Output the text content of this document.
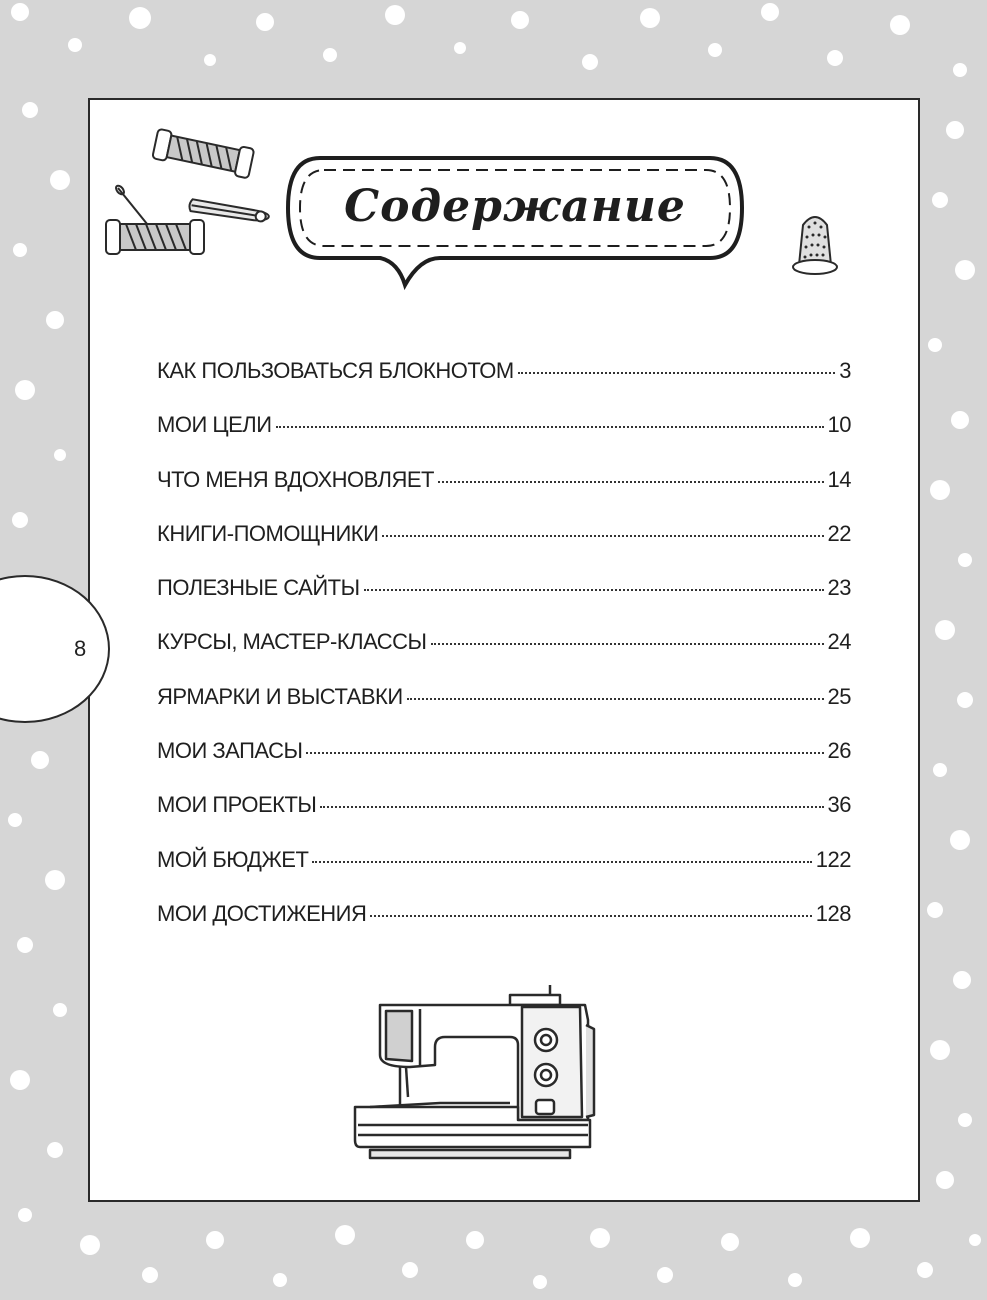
8
Содержание
КАК ПОЛЬЗОВАТЬСЯ БЛОКНОТОМ	3
МОИ ЦЕЛИ	10
ЧТО МЕНЯ ВДОХНОВЛЯЕТ	14
КНИГИ-ПОМОЩНИКИ	22
ПОЛЕЗНЫЕ САЙТЫ	23
КУРСЫ, МАСТЕР-КЛАССЫ	24
ЯРМАРКИ И ВЫСТАВКИ	25
МОИ ЗАПАСЫ	26
МОИ ПРОЕКТЫ	36
МОЙ БЮДЖЕТ	122
МОИ ДОСТИЖЕНИЯ	128
